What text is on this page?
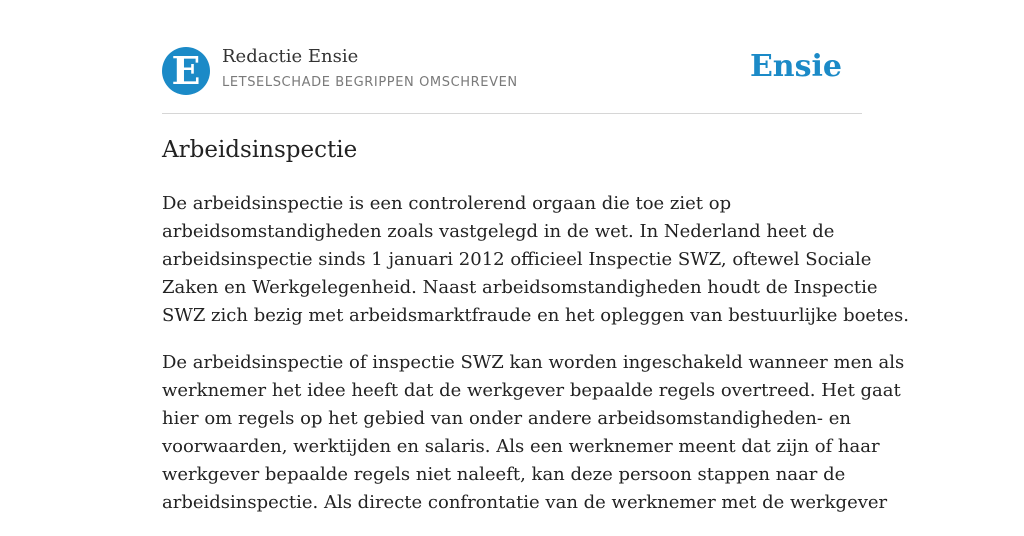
E	Redactie Ensie
LETSELSCHADE BEGRIPPEN OMSCHREVEN	Ensie
Arbeidsinspectie

De arbeidsinspectie is een controlerend orgaan die toe ziet op
arbeidsomstandigheden zoals vastgelegd in de wet. In Nederland heet de
arbeidsinspectie sinds 1 januari 2012 officieel Inspectie SWZ, oftewel Sociale
Zaken en Werkgelegenheid. Naast arbeidsomstandigheden houdt de Inspectie
SWZ zich bezig met arbeidsmarktfraude en het opleggen van bestuurlijke boetes.

De arbeidsinspectie of inspectie SWZ kan worden ingeschakeld wanneer men als
werknemer het idee heeft dat de werkgever bepaalde regels overtreed. Het gaat
hier om regels op het gebied van onder andere arbeidsomstandigheden- en
voorwaarden, werktijden en salaris. Als een werknemer meent dat zijn of haar
werkgever bepaalde regels niet naleeft, kan deze persoon stappen naar de
arbeidsinspectie. Als directe confrontatie van de werknemer met de werkgever
